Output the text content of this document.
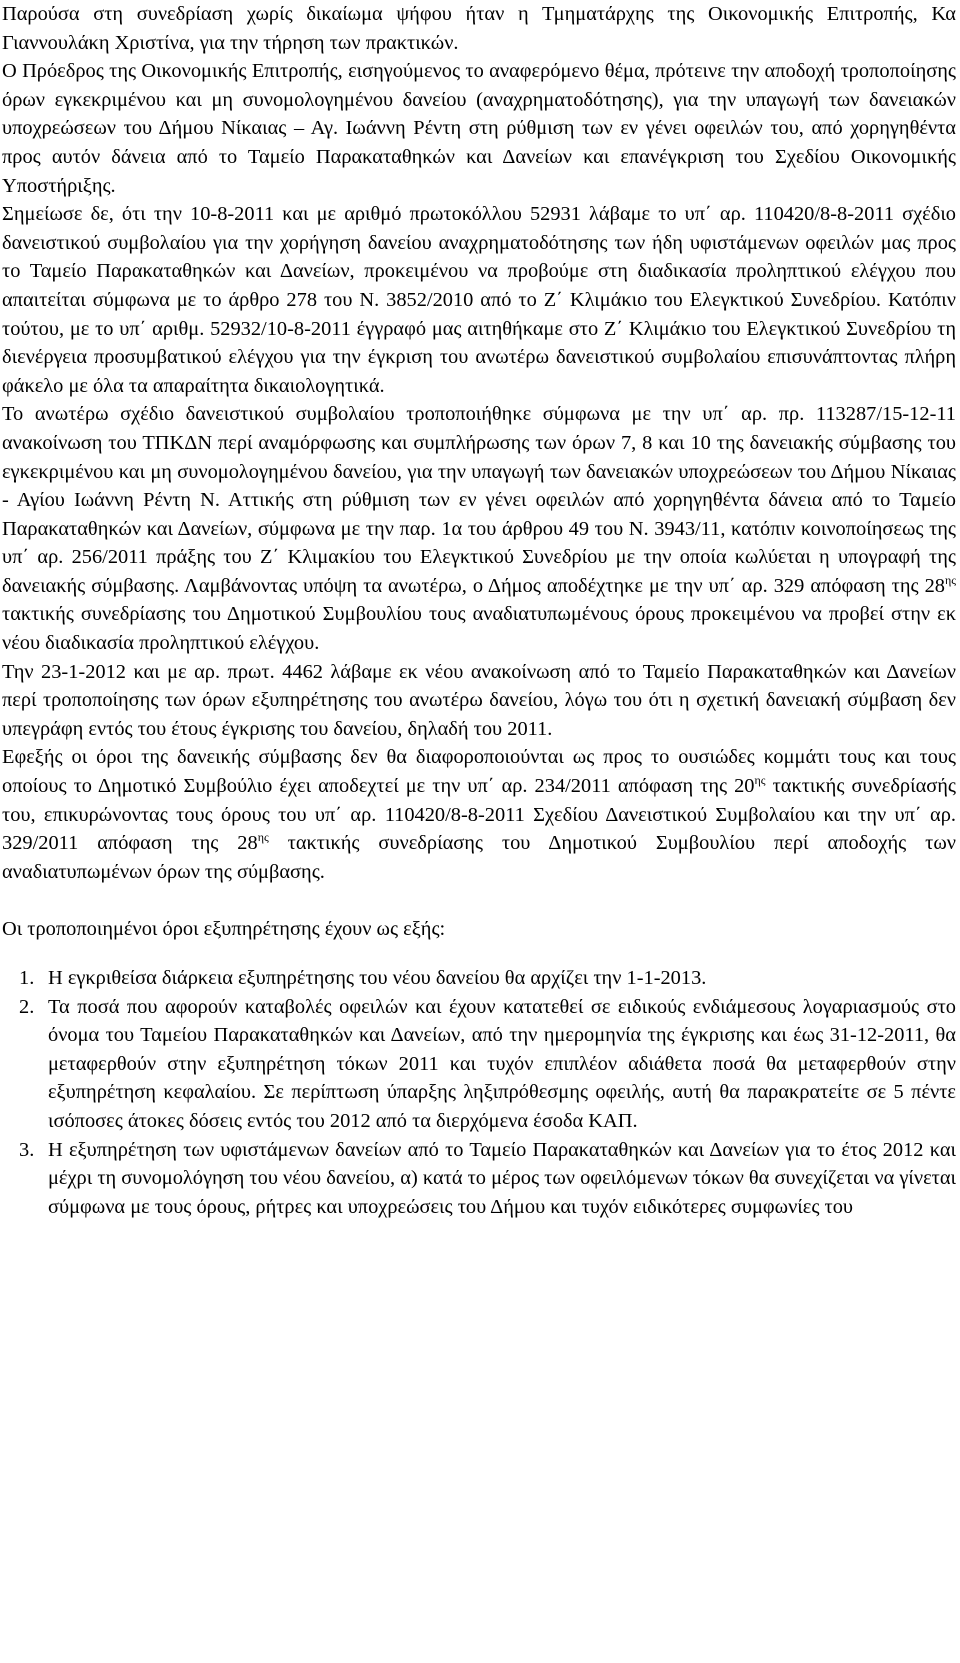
Παρούσα στη συνεδρίαση χωρίς δικαίωμα ψήφου ήταν η Τμηματάρχης της Οικονομικής Επιτροπής, Κα Γιαννουλάκη Χριστίνα, για την τήρηση των πρακτικών.

Ο Πρόεδρος της Οικονομικής Επιτροπής, εισηγούμενος το αναφερόμενο θέμα, πρότεινε την αποδοχή τροποποίησης όρων εγκεκριμένου και μη συνομολογημένου δανείου (αναχρηματοδότησης), για την υπαγωγή των δανειακών υποχρεώσεων του Δήμου Νίκαιας – Αγ. Ιωάννη Ρέντη στη ρύθμιση των εν γένει οφειλών του, από χορηγηθέντα προς αυτόν δάνεια από το Ταμείο Παρακαταθηκών και Δανείων και επανέγκριση του Σχεδίου Οικονομικής Υποστήριξης.

Σημείωσε δε, ότι την 10-8-2011 και με αριθμό πρωτοκόλλου 52931 λάβαμε το υπ΄ αρ. 110420/8-8-2011 σχέδιο δανειστικού συμβολαίου για την χορήγηση δανείου αναχρηματοδότησης των ήδη υφιστάμενων οφειλών μας προς το Ταμείο Παρακαταθηκών και Δανείων, προκειμένου να προβούμε στη διαδικασία προληπτικού ελέγχου που απαιτείται σύμφωνα με το άρθρο 278 του Ν. 3852/2010 από το Ζ΄ Κλιμάκιο του Ελεγκτικού Συνεδρίου. Κατόπιν τούτου, με το υπ΄ αριθμ. 52932/10-8-2011 έγγραφό μας αιτηθήκαμε στο Ζ΄ Κλιμάκιο του Ελεγκτικού Συνεδρίου τη διενέργεια προσυμβατικού ελέγχου για την έγκριση του ανωτέρω δανειστικού συμβολαίου επισυνάπτοντας πλήρη φάκελο με όλα τα απαραίτητα δικαιολογητικά.

Το ανωτέρω σχέδιο δανειστικού συμβολαίου τροποποιήθηκε σύμφωνα με την υπ΄ αρ. πρ. 113287/15-12-11 ανακοίνωση του ΤΠΚΔΝ περί αναμόρφωσης και συμπλήρωσης των όρων 7, 8 και 10 της δανειακής σύμβασης του εγκεκριμένου και μη συνομολογημένου δανείου, για την υπαγωγή των δανειακών υποχρεώσεων του Δήμου Νίκαιας - Αγίου Ιωάννη Ρέντη Ν. Αττικής στη ρύθμιση των εν γένει οφειλών από χορηγηθέντα δάνεια από το Ταμείο Παρακαταθηκών και Δανείων, σύμφωνα με την παρ. 1α του άρθρου 49 του Ν. 3943/11, κατόπιν κοινοποίησεως της υπ΄ αρ. 256/2011 πράξης του Ζ΄ Κλιμακίου του Ελεγκτικού Συνεδρίου με την οποία κωλύεται η υπογραφή της δανειακής σύμβασης. Λαμβάνοντας υπόψη τα ανωτέρω, ο Δήμος αποδέχτηκε με την υπ΄ αρ. 329 απόφαση της $28^{\eta\varsigma}$ τακτικής συνεδρίασης του Δημοτικού Συμβουλίου τους αναδιατυπωμένους όρους προκειμένου να προβεί στην εκ νέου διαδικασία προληπτικού ελέγχου.

Την 23-1-2012 και με αρ. πρωτ. 4462 λάβαμε εκ νέου ανακοίνωση από το Ταμείο Παρακαταθηκών και Δανείων περί τροποποίησης των όρων εξυπηρέτησης του ανωτέρω δανείου, λόγω του ότι η σχετική δανειακή σύμβαση δεν υπεγράφη εντός του έτους έγκρισης του δανείου, δηλαδή του 2011.

Εφεξής οι όροι της δανεικής σύμβασης δεν θα διαφοροποιούνται ως προς το ουσιώδες κομμάτι τους και τους οποίους το Δημοτικό Συμβούλιο έχει αποδεχτεί με την υπ΄ αρ. 234/2011 απόφαση της $20^{\eta\varsigma}$ τακτικής συνεδρίασής του, επικυρώνοντας τους όρους του υπ΄ αρ. 110420/8-8-2011 Σχεδίου Δανειστικού Συμβολαίου και την υπ΄ αρ. 329/2011 απόφαση της $28^{\eta\varsigma}$ τακτικής συνεδρίασης του Δημοτικού Συμβουλίου περί αποδοχής των αναδιατυπωμένων όρων της σύμβασης.

Οι τροποποιημένοι όροι εξυπηρέτησης έχουν ως εξής:

1. Η εγκριθείσα διάρκεια εξυπηρέτησης του νέου δανείου θα αρχίζει την 1-1-2013.
2. Τα ποσά που αφορούν καταβολές οφειλών και έχουν κατατεθεί σε ειδικούς ενδιάμεσους λογαριασμούς στο όνομα του Ταμείου Παρακαταθηκών και Δανείων, από την ημερομηνία της έγκρισης και έως 31-12-2011, θα μεταφερθούν στην εξυπηρέτηση τόκων 2011 και τυχόν επιπλέον αδιάθετα ποσά θα μεταφερθούν στην εξυπηρέτηση κεφαλαίου. Σε περίπτωση ύπαρξης ληξιπρόθεσμης οφειλής, αυτή θα παρακρατείτε σε 5 πέντε ισόποσες άτοκες δόσεις εντός του 2012 από τα διερχόμενα έσοδα ΚΑΠ.
3. Η εξυπηρέτηση των υφιστάμενων δανείων από το Ταμείο Παρακαταθηκών και Δανείων για το έτος 2012 και μέχρι τη συνομολόγηση του νέου δανείου, α) κατά το μέρος των οφειλόμενων τόκων θα συνεχίζεται να γίνεται σύμφωνα με τους όρους, ρήτρες και υποχρεώσεις του Δήμου και τυχόν ειδικότερες συμφωνίες του
